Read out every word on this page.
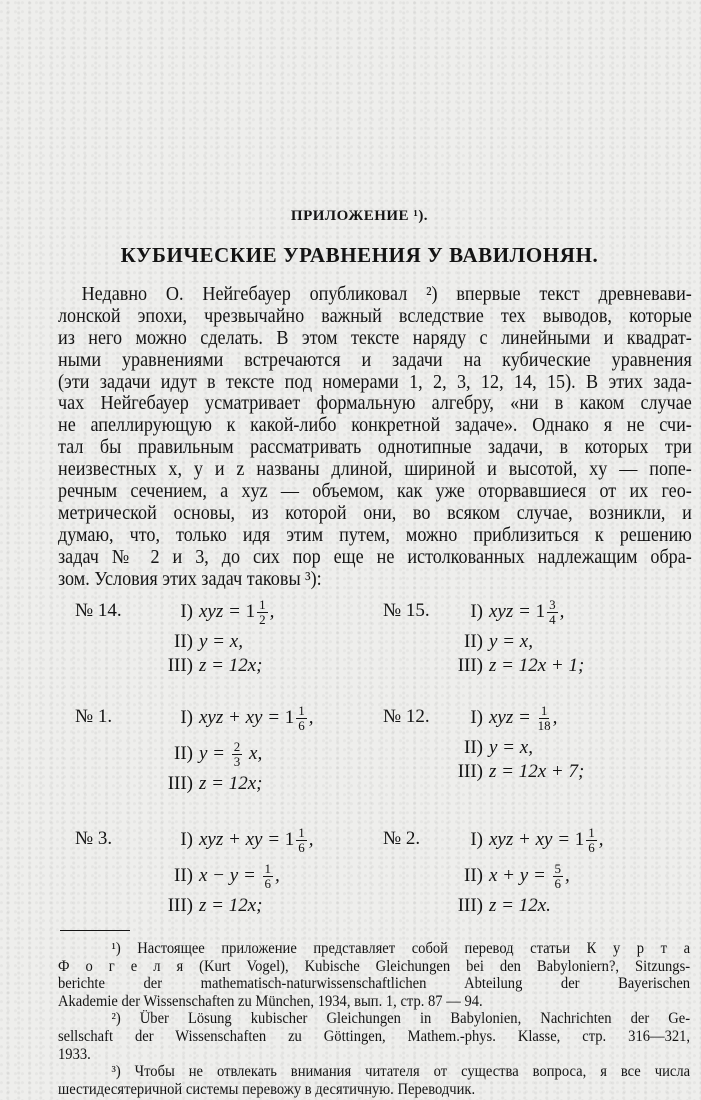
ПРИЛОЖЕНИЕ ¹).
КУБИЧЕСКИЕ УРАВНЕНИЯ У ВАВИЛОНЯН.
Недавно О. Нейгебауер опубликовал ²) впервые текст древневави-
лонской эпохи, чрезвычайно важный вследствие тех выводов, которые
из него можно сделать. В этом тексте наряду с линейными и квадрат-
ными уравнениями встречаются и задачи на кубические уравнения
(эти задачи идут в тексте под номерами 1, 2, 3, 12, 14, 15). В этих зада-
чах Нейгебауер усматривает формальную алгебру, «ни в каком случае
не апеллирующую к какой-либо конкретной задаче». Однако я не счи-
тал бы правильным рассматривать однотипные задачи, в которых три
неизвестных x, y и z названы длиной, шириной и высотой, xy — попе-
речным сечением, а xyz — объемом, как уже оторвавшиеся от их гео-
метрической основы, из которой они, во всяком случае, возникли, и
думаю, что, только идя этим путем, можно приблизиться к решению
задач № 2 и 3, до сих пор еще не истолкованных надлежащим обра-
зом. Условия этих задач таковы ³):
№ 14.	I) xyz = $1 \frac{1}{2}$ ,
II) y = x,
III) z = 12x;
№ 15.	I) xyz = $1 \frac{3}{4}$ ,
II) y = x,
III) z = 12x + 1;
№ 1.	I) xyz + xy = $1 \frac{1}{6}$ ,
II) $y = \frac{2}{3} x$,
III) z = 12x;
№ 12.	I) xyz = $\frac{1}{18}$ ,
II) y = x,
III) z = 12x + 7;
№ 3.	I) xyz + xy = $1 \frac{1}{6}$ ,
II) $x - y = \frac{1}{6}$ ,
III) z = 12x;
№ 2.	I) xyz + xy = $1 \frac{1}{6}$ ,
II) $x + y = \frac{5}{6}$ ,
III) z = 12x.
¹) Настоящее приложение представляет собой перевод статьи К у р т а
Ф о г е л я (Kurt Vogel), Kubische Gleichungen bei den Babyloniern?, Sitzungs-
berichte der mathematisch-naturwissenschaftlichen Abteilung der Bayerischen
Akademie der Wissenschaften zu München, 1934, вып. 1, стр. 87 — 94.
²) Über Lösung kubischer Gleichungen in Babylonien, Nachrichten der Ge-
sellschaft der Wissenschaften zu Göttingen, Mathem.-phys. Klasse, стр. 316—321,
1933.
³) Чтобы не отвлекать внимания читателя от существа вопроса, я все числа
шестидесятеричной системы перевожу в десятичную. Переводчик.
